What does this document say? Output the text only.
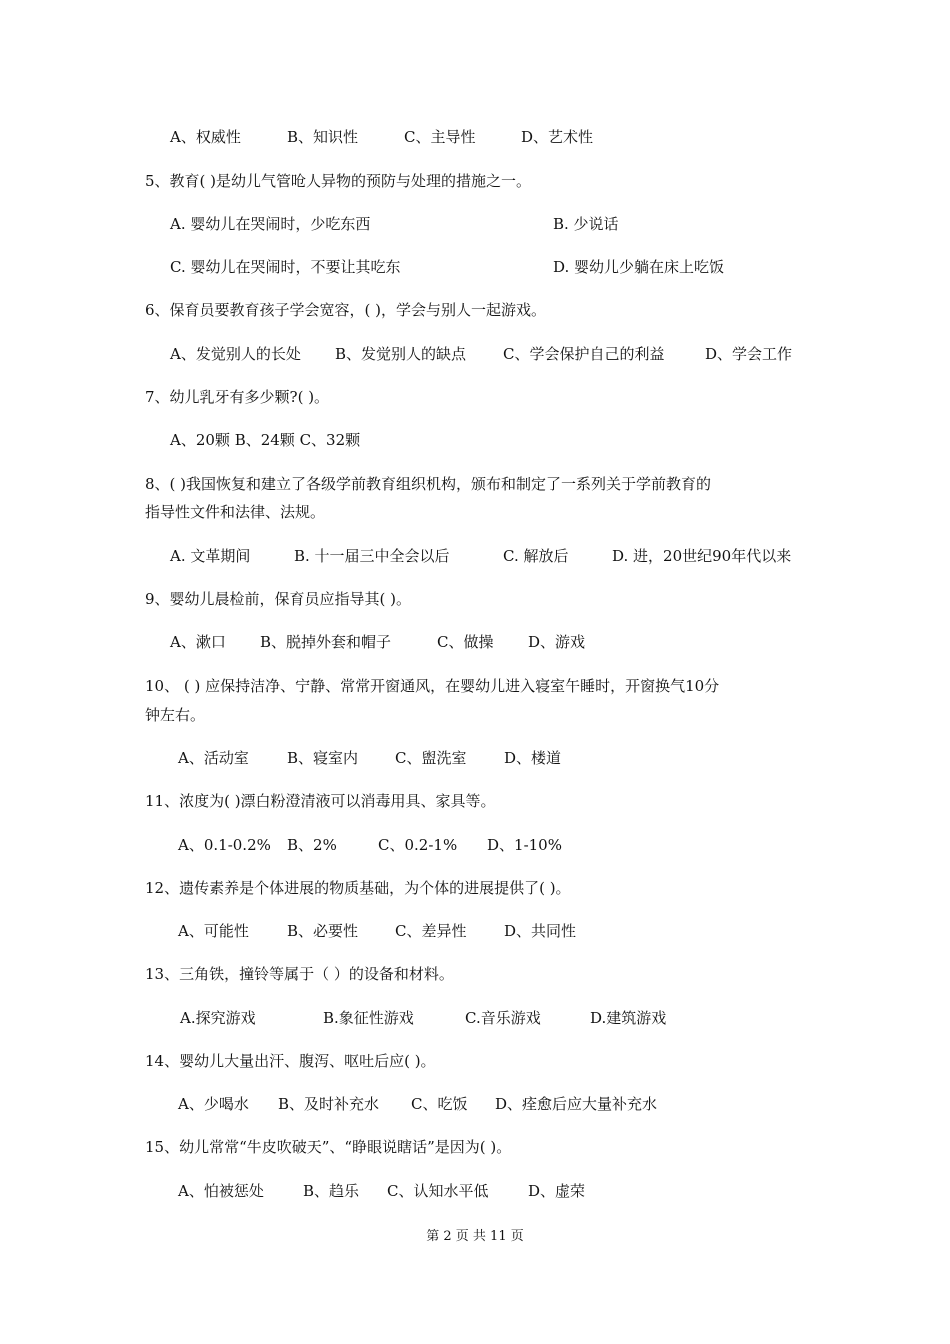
A、权威性	B、知识性	C、主导性	D、艺术性
5、教育( )是幼儿气管呛人异物的预防与处理的措施之一。
A. 婴幼儿在哭闹时，少吃东西	B. 少说话
C. 婴幼儿在哭闹时，不要让其吃东	D. 婴幼儿少躺在床上吃饭
6、保育员要教育孩子学会宽容，( )，学会与别人一起游戏。
A、发觉别人的长处 B、发觉别人的缺点 C、学会保护自己的利益	D、学会工作
7、幼儿乳牙有多少颗?( )。
A、20颗 B、24颗 C、32颗
8、( )我国恢复和建立了各级学前教育组织机构，颁布和制定了一系列关于学前教育的
指导性文件和法律、法规。
A. 文革期间	B. 十一届三中全会以后	C. 解放后	D. 进，20世纪90年代以来
9、婴幼儿晨检前，保育员应指导其( )。
A、漱口 B、脱掉外套和帽子	C、做操 D、游戏
10、 ( ) 应保持洁净、宁静、常常开窗通风，在婴幼儿进入寝室午睡时，开窗换气10分
钟左右。
A、活动室	B、寝室内 C、盥洗室	D、楼道
11、浓度为( )漂白粉澄清液可以消毒用具、家具等。
A、0.1-0.2% B、2%	C、0.2-1% D、1-10%
12、遗传素养是个体进展的物质基础，为个体的进展提供了( )。
A、可能性	B、必要性 C、差异性	D、共同性
13、三角铁，撞铃等属于（ ）的设备和材料。
A.探究游戏	B.象征性游戏	C.音乐游戏	D.建筑游戏
14、婴幼儿大量出汗、腹泻、呕吐后应( )。
A、少喝水 B、及时补充水 C、吃饭 D、痊愈后应大量补充水
15、幼儿常常“牛皮吹破天”、“睁眼说瞎话”是因为( )。
A、怕被惩处	B、趋乐 C、认知水平低	D、虚荣
第 2 页 共 11 页
